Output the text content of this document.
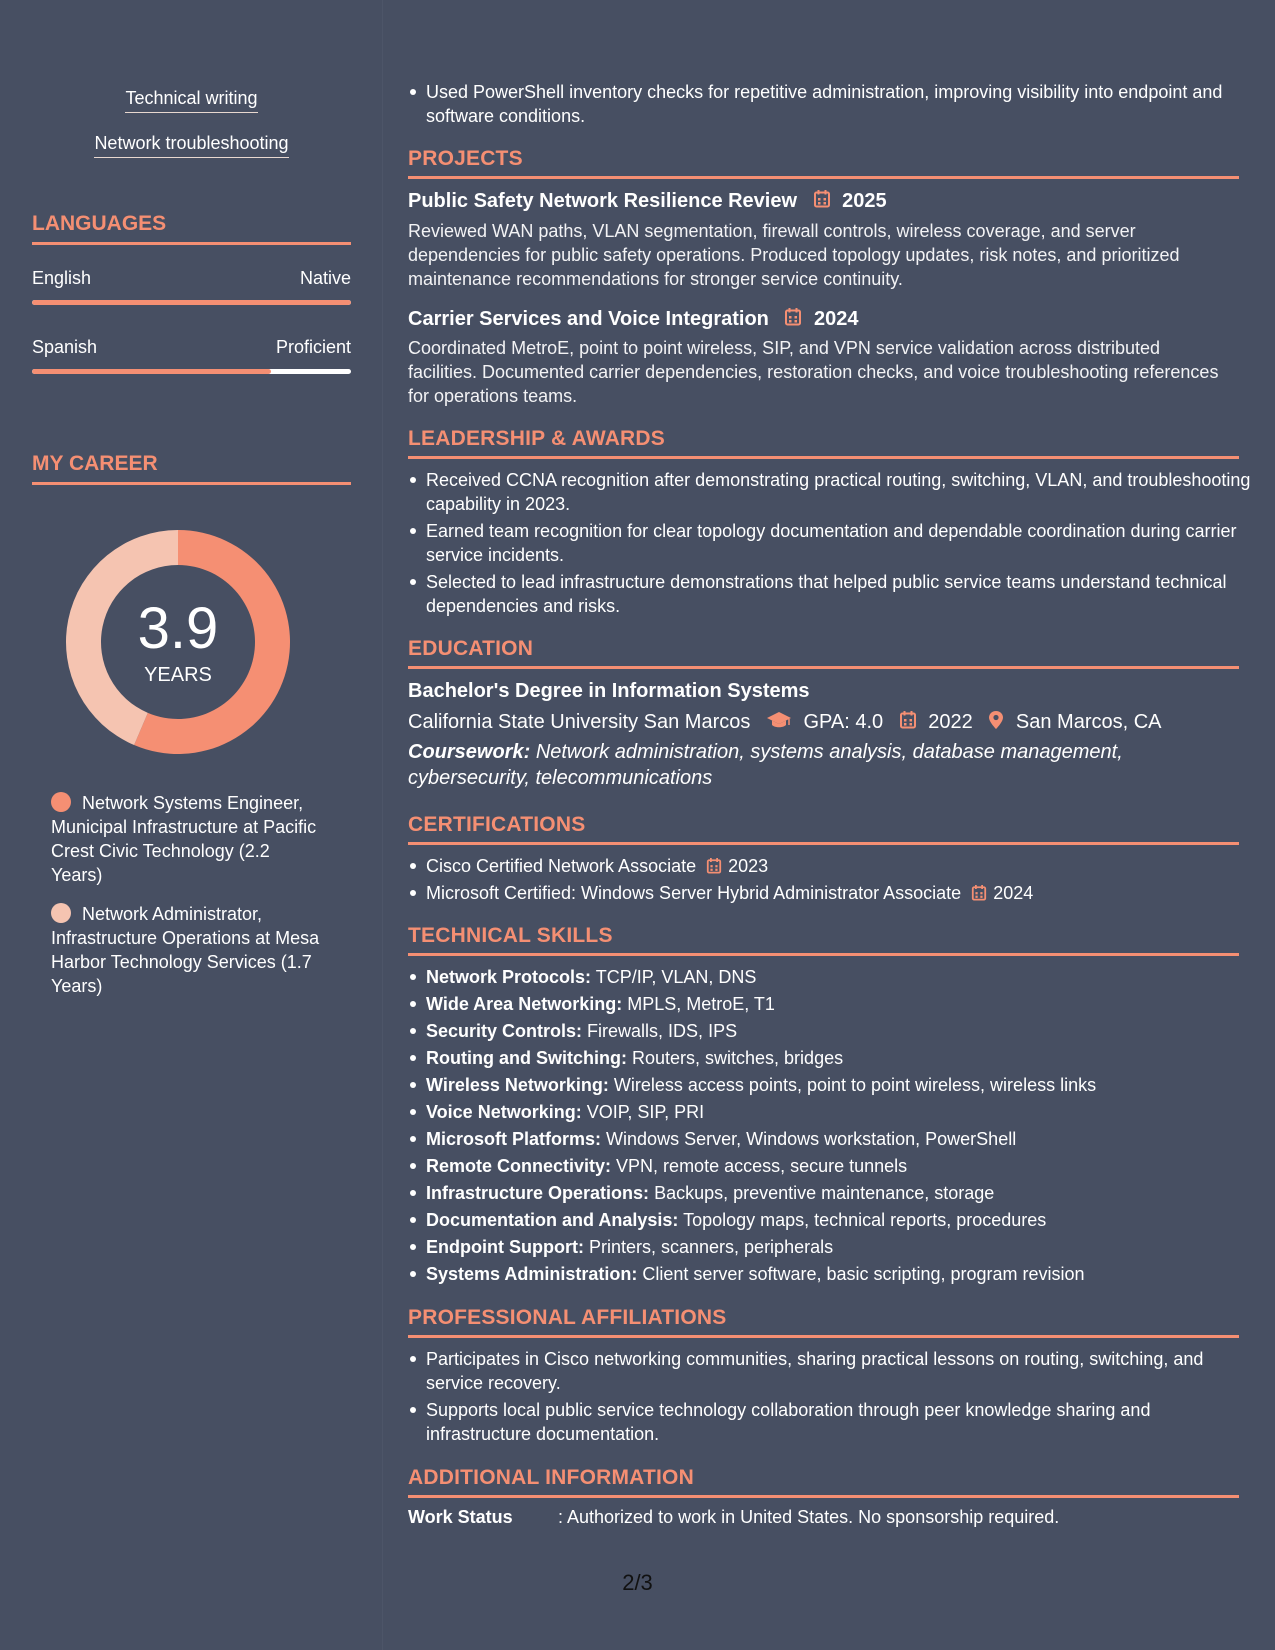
Technical writing
Network troubleshooting
LANGUAGES
English	Native
Spanish	Proficient
MY CAREER
3.9
YEARS
Network Systems Engineer, Municipal Infrastructure at Pacific Crest Civic Technology (2.2 Years)
Network Administrator, Infrastructure Operations at Mesa Harbor Technology Services (1.7 Years)
Used PowerShell inventory checks for repetitive administration, improving visibility into endpoint and software conditions.
PROJECTS
Public Safety Network Resilience Review 2025
Reviewed WAN paths, VLAN segmentation, firewall controls, wireless coverage, and server dependencies for public safety operations. Produced topology updates, risk notes, and prioritized maintenance recommendations for stronger service continuity.
Carrier Services and Voice Integration 2024
Coordinated MetroE, point to point wireless, SIP, and VPN service validation across distributed facilities. Documented carrier dependencies, restoration checks, and voice troubleshooting references for operations teams.
LEADERSHIP & AWARDS
Received CCNA recognition after demonstrating practical routing, switching, VLAN, and troubleshooting capability in 2023.
Earned team recognition for clear topology documentation and dependable coordination during carrier service incidents.
Selected to lead infrastructure demonstrations that helped public service teams understand technical dependencies and risks.
EDUCATION
Bachelor's Degree in Information Systems
California State University San Marcos	GPA: 4.0 2022 San Marcos, CA
Coursework: Network administration, systems analysis, database management, cybersecurity, telecommunications
CERTIFICATIONS
Cisco Certified Network Associate 2023
Microsoft Certified: Windows Server Hybrid Administrator Associate 2024
TECHNICAL SKILLS
Network Protocols: TCP/IP, VLAN, DNS
Wide Area Networking: MPLS, MetroE, T1
Security Controls: Firewalls, IDS, IPS
Routing and Switching: Routers, switches, bridges
Wireless Networking: Wireless access points, point to point wireless, wireless links
Voice Networking: VOIP, SIP, PRI
Microsoft Platforms: Windows Server, Windows workstation, PowerShell
Remote Connectivity: VPN, remote access, secure tunnels
Infrastructure Operations: Backups, preventive maintenance, storage
Documentation and Analysis: Topology maps, technical reports, procedures
Endpoint Support: Printers, scanners, peripherals
Systems Administration: Client server software, basic scripting, program revision
PROFESSIONAL AFFILIATIONS
Participates in Cisco networking communities, sharing practical lessons on routing, switching, and service recovery.
Supports local public service technology collaboration through peer knowledge sharing and infrastructure documentation.
ADDITIONAL INFORMATION
Work Status	: Authorized to work in United States. No sponsorship required.
2/3
